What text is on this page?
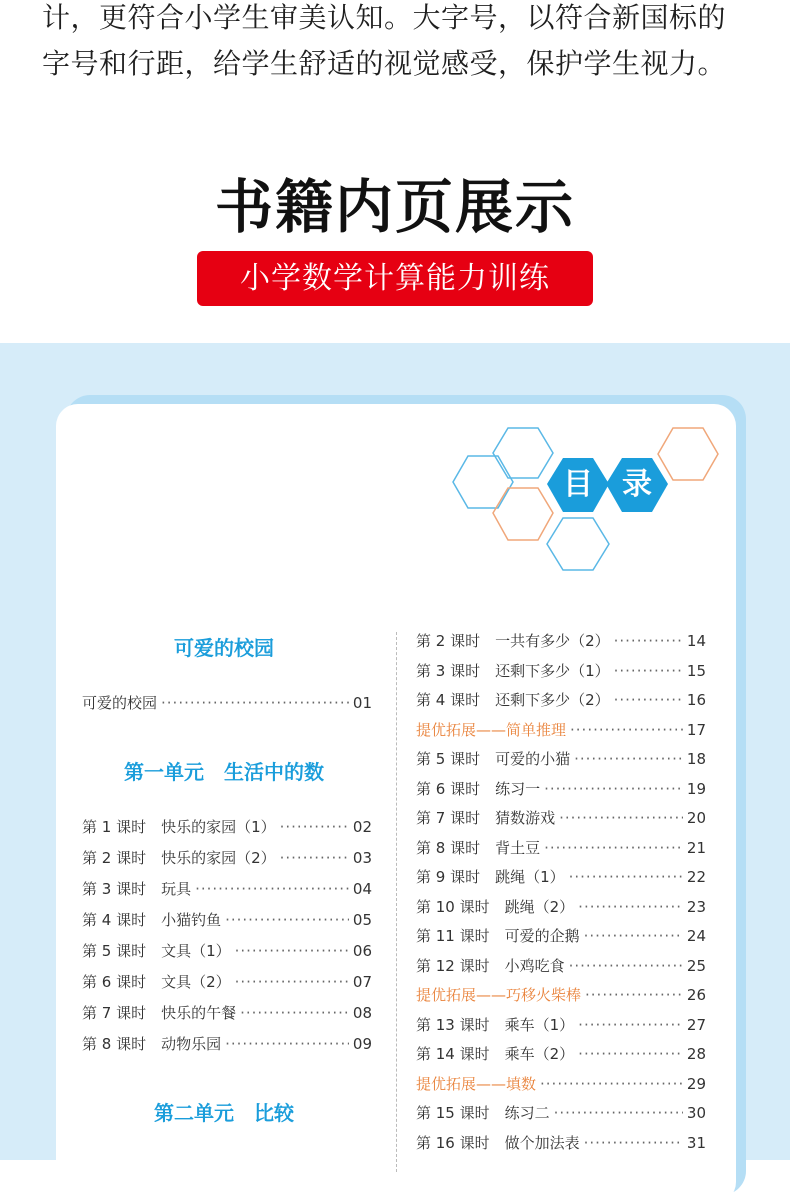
计，更符合小学生审美认知。大字号，以符合新国标的
字号和行距，给学生舒适的视觉感受，保护学生视力。
书籍内页展示
小学数学计算能力训练
目 录
可爱的校园
可爱的校园 ·····	01
第一单元　生活中的数
第 1 课时　快乐的家园（1） ·····	02
第 2 课时　快乐的家园（2） ·····	03
第 3 课时　玩具 ·····	04
第 4 课时　小猫钓鱼 ·····	05
第 5 课时　文具（1） ·····	06
第 6 课时　文具（2） ·····	07
第 7 课时　快乐的午餐 ·····	08
第 8 课时　动物乐园 ·····	09
第二单元　比较
第 2 课时　一共有多少（2） ·····	14
第 3 课时　还剩下多少（1） ·····	15
第 4 课时　还剩下多少（2） ·····	16
提优拓展——简单推理 ·····	17
第 5 课时　可爱的小猫 ·····	18
第 6 课时　练习一 ·····	19
第 7 课时　猜数游戏 ·····	20
第 8 课时　背土豆 ·····	21
第 9 课时　跳绳（1） ·····	22
第 10 课时　跳绳（2） ·····	23
第 11 课时　可爱的企鹅 ·····	24
第 12 课时　小鸡吃食 ·····	25
提优拓展——巧移火柴棒 ·····	26
第 13 课时　乘车（1） ·····	27
第 14 课时　乘车（2） ·····	28
提优拓展——填数 ·····	29
第 15 课时　练习二 ·····	30
第 16 课时　做个加法表 ·····	31
